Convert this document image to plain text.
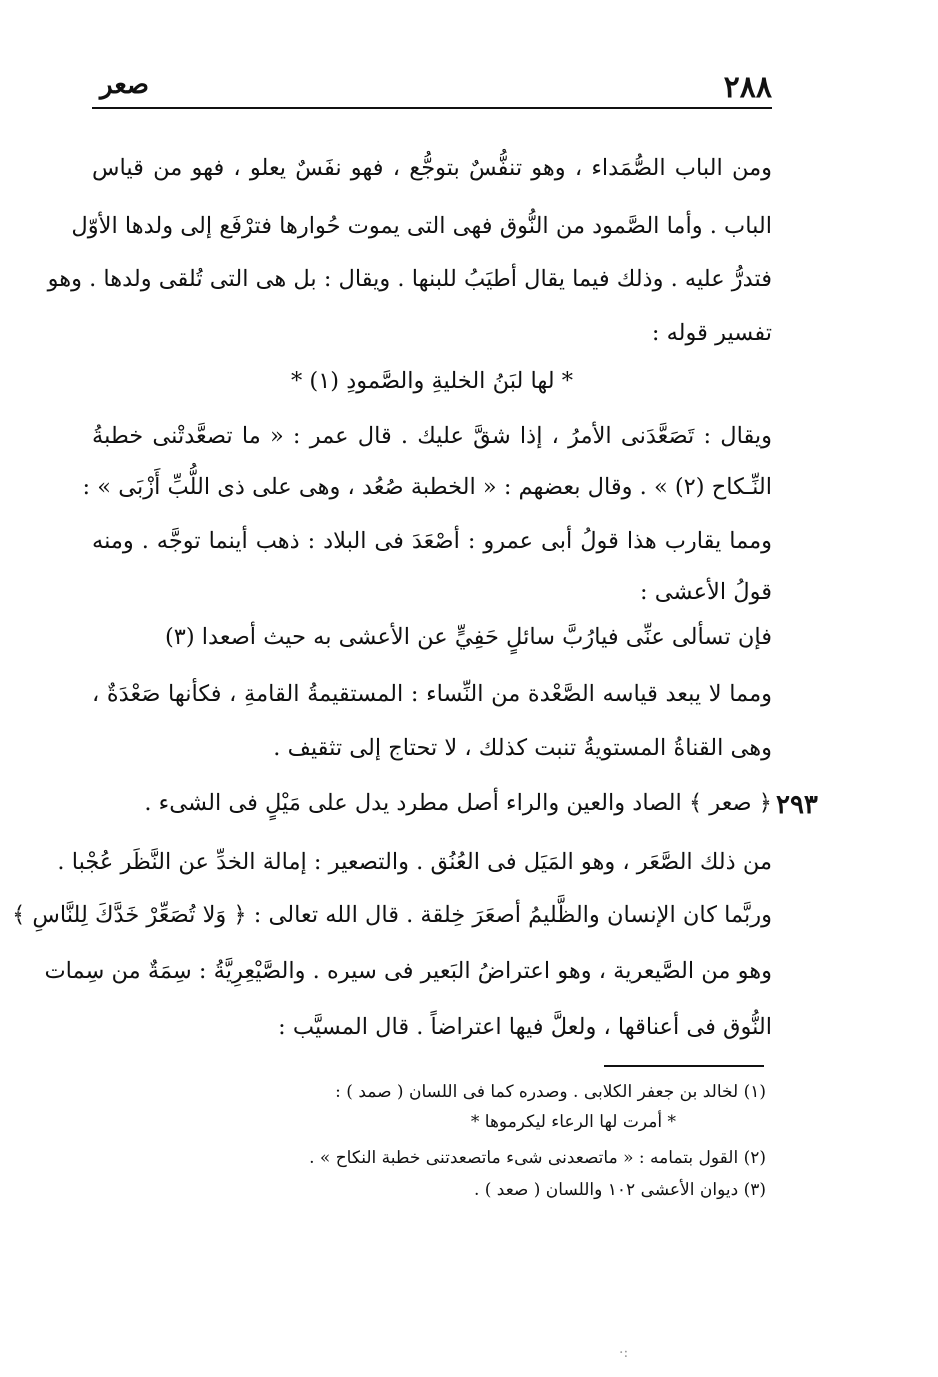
صعر	٢٨٨
ومن الباب الصُّمَداء ، وهو تنفُّسٌ بتوجُّع ، فهو نفَسٌ يعلو ، فهو من قياس
الباب . وأما الصَّمود من النُّوق فهى التى يموت حُوارها فترْفَع إلى ولدها الأوّل
فتدرُّ عليه . وذلك فيما يقال أطيَبُ للبنها . ويقال : بل هى التى تُلقى ولدها . وهو
تفسير قوله :
* لها لبَنُ الخليةِ والصَّمودِ (١) *
ويقال : تَصَعَّدَنى الأمرُ ، إذا شقَّ عليك . قال عمر : « ما تصعَّدتْنى خطبةُ
النِّـكاح (٢) » . وقال بعضهم : « الخطبة صُعُد ، وهى على ذى اللُّبِّ أَزْبَى » :
ومما يقارب هذا قولُ أبى عمرو : أصْعَدَ فى البلاد : ذهب أينما توجَّه . ومنه
قولُ الأعشى :
فإن تسألى عنِّى فيارُبَّ سائلٍ حَفِيٍّ عن الأعشى به حيث أصعدا (٣)
ومما لا يبعد قياسه الصَّعْدة من النِّساء : المستقيمةُ القامةِ ، فكأنها صَعْدَةٌ ،
وهى القناةُ المستويةُ تنبت كذلك ، لا تحتاج إلى تثقيف .
٢٩٣
﴿ صعر ﴾ الصاد والعين والراء أصل مطرد يدل على مَيْلٍ فى الشىء .
من ذلك الصَّعَر ، وهو المَيَل فى العُنُق . والتصعير : إمالة الخدِّ عن النَّظَر عُجْبا .
وربَّما كان الإنسان والظَّليمُ أصعَرَ خِلقة . قال الله تعالى : ﴿ وَلا تُصَعِّرْ خَدَّكَ لِلنَّاسِ ﴾
وهو من الصَّيعرية ، وهو اعتراضُ البَعير فى سيره . والصَّيْعِرِيَّةُ : سِمَةٌ من سِمات
النُّوق فى أعناقها ، ولعلَّ فيها اعتراضاً . قال المسيَّب :
(١) لخالد بن جعفر الكلابى . وصدره كما فى اللسان ( صمد ) :
* أمرت لها الرعاء ليكرموها *
(٢) القول بتمامه : « ماتصعدنى شىء ماتصعدتنى خطبة النكاح » .
(٣) ديوان الأعشى ١٠٢ واللسان ( صعد ) .
·:
